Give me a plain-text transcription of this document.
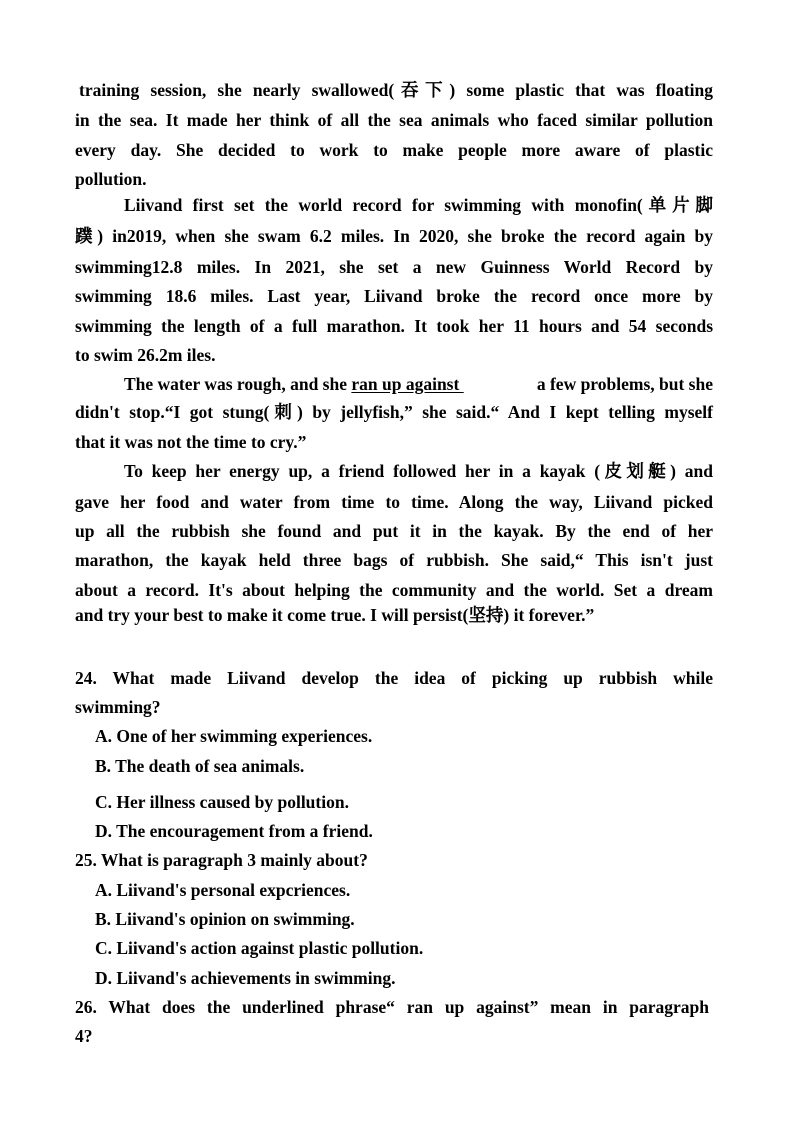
training session, she nearly swallowed(吞下) some plastic that was floating
in the sea. It made her think of all the sea animals who faced similar pollution
every day. She decided to work to make people more aware of plastic
pollution.
Liivand first set the world record for swimming with monofin(单片脚
蹼) in2019, when she swam 6.2 miles. In 2020, she broke the record again by
swimming12.8 miles. In 2021, she set a new Guinness World Record by
swimming 18.6 miles. Last year, Liivand broke the record once more by
swimming the length of a full marathon. It took her 11 hours and 54 seconds
to swim 26.2m iles.
The water was rough, and she ran up against	a few problems, but she
didn't stop.“I got stung(刺) by jellyfish,” she said.“ And I kept telling myself
that it was not the time to cry.”
To keep her energy up, a friend followed her in a kayak (皮划艇) and
gave her food and water from time to time. Along the way, Liivand picked
up all the rubbish she found and put it in the kayak. By the end of her
marathon, the kayak held three bags of rubbish. She said,“ This isn't just
about a record. It's about helping the community and the world. Set a dream
and try your best to make it come true. I will persist(坚持) it forever.”
24. What made Liivand develop the idea of picking up rubbish while
swimming?
A. One of her swimming experiences.
B. The death of sea animals.
C. Her illness caused by pollution.
D. The encouragement from a friend.
25. What is paragraph 3 mainly about?
A. Liivand's personal expcriences.
B. Liivand's opinion on swimming.
C. Liivand's action against plastic pollution.
D. Liivand's achievements in swimming.
26. What does the underlined phrase“ ran up against” mean in paragraph
4?
